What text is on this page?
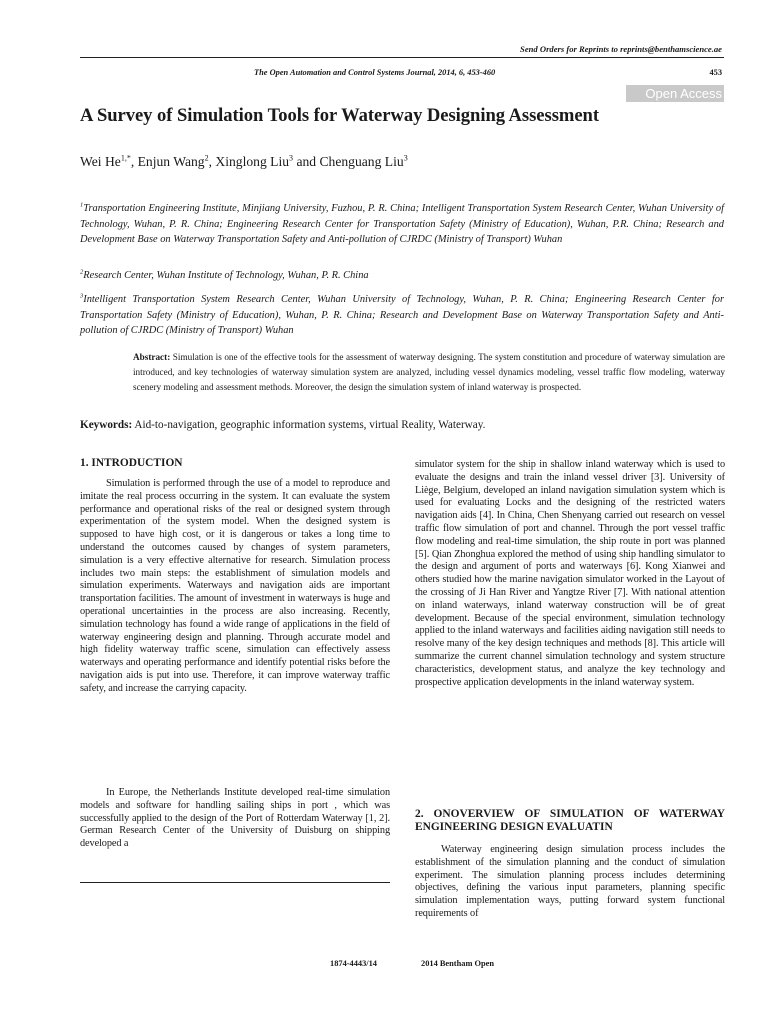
Send Orders for Reprints to reprints@benthamscience.ae
The Open Automation and Control Systems Journal, 2014, 6, 453-460	453
Open Access
A Survey of Simulation Tools for Waterway Designing Assessment
Wei $He^{1,*}$, Enjun Wang$^2$, Xinglong Liu$^3$ and Chenguang Liu$^3$

$^1$Transportation Engineering Institute, Minjiang University, Fuzhou, P. R. China; Intelligent Transportation System Research Center, Wuhan University of Technology, Wuhan, P. R. China; Engineering Research Center for Transportation Safety (Ministry of Education), Wuhan, P.R. China; Research and Development Base on Waterway Transportation Safety and Anti-pollution of CJRDC (Ministry of Transport) Wuhan

$^2$Research Center, Wuhan Institute of Technology, Wuhan, P. R. China

$^3$Intelligent Transportation System Research Center, Wuhan University of Technology, Wuhan, P. R. China; Engineering Research Center for Transportation Safety (Ministry of Education), Wuhan, P. R. China; Research and Development Base on Waterway Transportation Safety and Anti-pollution of CJRDC (Ministry of Transport) Wuhan

Abstract: Simulation is one of the effective tools for the assessment of waterway designing. The system constitution and procedure of waterway simulation are introduced, and key technologies of waterway simulation system are analyzed, including vessel dynamics modeling, vessel traffic flow modeling, waterway scenery modeling and assessment methods. Moreover, the design the simulation system of inland waterway is prospected.

Keywords: Aid-to-navigation, geographic information systems, virtual Reality, Waterway.

1. INTRODUCTION

Simulation is performed through the use of a model to reproduce and imitate the real process occurring in the system. It can evaluate the system performance and operational risks of the real or designed system through experimentation of the system model. When the designed system is supposed to have high cost, or it is dangerous or takes a long time to understand the outcomes caused by changes of system parameters, simulation is a very effective alternative for research. Simulation process includes two main steps: the establishment of simulation models and simulation experiments. Waterways and navigation aids are important transportation facilities. The amount of investment in waterways is huge and operational uncertainties in the process are also increasing. Recently, simulation technology has found a wide range of applications in the field of waterway engineering design and planning. Through accurate model and high fidelity waterway traffic scene, simulation can effectively assess waterways and operating performance and identify potential risks before the navigation aids is put into use. Therefore, it can improve waterway traffic safety, and increase the carrying capacity.

In Europe, the Netherlands Institute developed real-time simulation models and software for handling sailing ships in port , which was successfully applied to the design of the Port of Rotterdam Waterway [1, 2]. German Research Center of the University of Duisburg on shipping developed a

simulator system for the ship in shallow inland waterway which is used to evaluate the designs and train the inland vessel driver [3]. University of Liège, Belgium, developed an inland navigation simulation system which is used for evaluating Locks and the designing of the restricted waters navigation aids [4]. In China, Chen Shenyang carried out research on vessel traffic flow simulation of port and channel. Through the port vessel traffic flow modeling and real-time simulation, the ship route in port was planned [5]. Qian Zhonghua explored the method of using ship handling simulator to the design and argument of ports and waterways [6]. Kong Xianwei and others studied how the marine navigation simulator worked in the Layout of the crossing of Ji Han River and Yangtze River [7]. With national attention on inland waterways, inland waterway construction will be of great development. Because of the special environment, simulation technology applied to the inland waterways and facilities aiding navigation still needs to resolve many of the key design techniques and methods [8]. This article will summarize the current channel simulation technology and system structure characteristics, development status, and analyze the key technology and prospective application developments in the inland waterway system.

2. ONOVERVIEW OF SIMULATION OF WATERWAY ENGINEERING DESIGN EVALUATIN

Waterway engineering design simulation process includes the establishment of the simulation planning and the conduct of simulation experiment. The simulation planning process includes determining objectives, defining the various input parameters, planning specific simulation implementation ways, putting forward system functional requirements of

1874-4443/14	2014 Bentham Open
